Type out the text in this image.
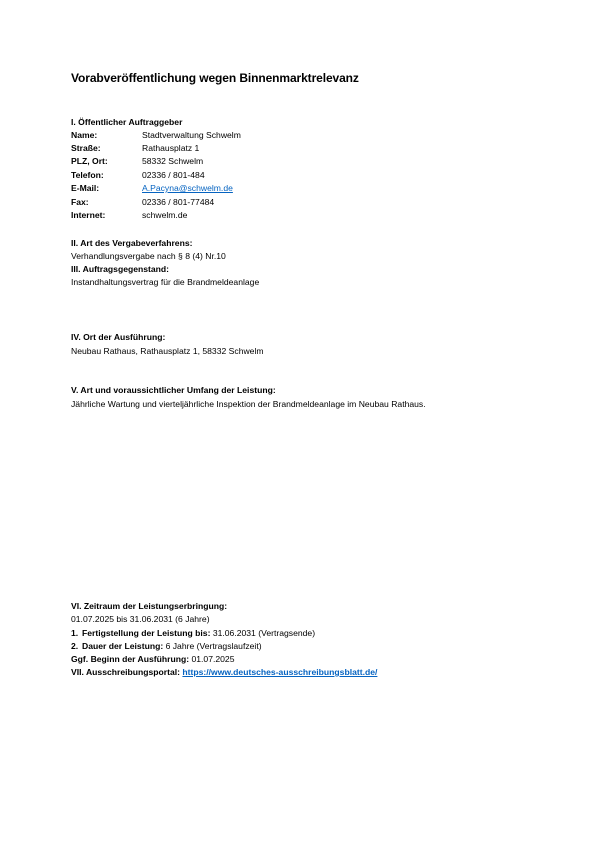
Vorabveröffentlichung wegen Binnenmarktrelevanz
I. Öffentlicher Auftraggeber
Name:	Stadtverwaltung Schwelm
Straße:	Rathausplatz 1
PLZ, Ort:	58332 Schwelm
Telefon:	02336 / 801-484
E-Mail:	A.Pacyna@schwelm.de
Fax:	02336 / 801-77484
Internet:	schwelm.de
II. Art des Vergabeverfahrens:
Verhandlungsvergabe nach § 8 (4) Nr.10
III. Auftragsgegenstand:
Instandhaltungsvertrag für die Brandmeldeanlage
IV. Ort der Ausführung:
Neubau Rathaus, Rathausplatz 1, 58332 Schwelm
V. Art und voraussichtlicher Umfang der Leistung:
Jährliche Wartung und vierteljährliche Inspektion der Brandmeldeanlage im Neubau Rathaus.
VI. Zeitraum der Leistungserbringung:
01.07.2025 bis 31.06.2031 (6 Jahre)
1. Fertigstellung der Leistung bis: 31.06.2031 (Vertragsende)
2. Dauer der Leistung: 6 Jahre (Vertragslaufzeit)
Ggf. Beginn der Ausführung: 01.07.2025
VII. Ausschreibungsportal: https://www.deutsches-ausschreibungsblatt.de/
